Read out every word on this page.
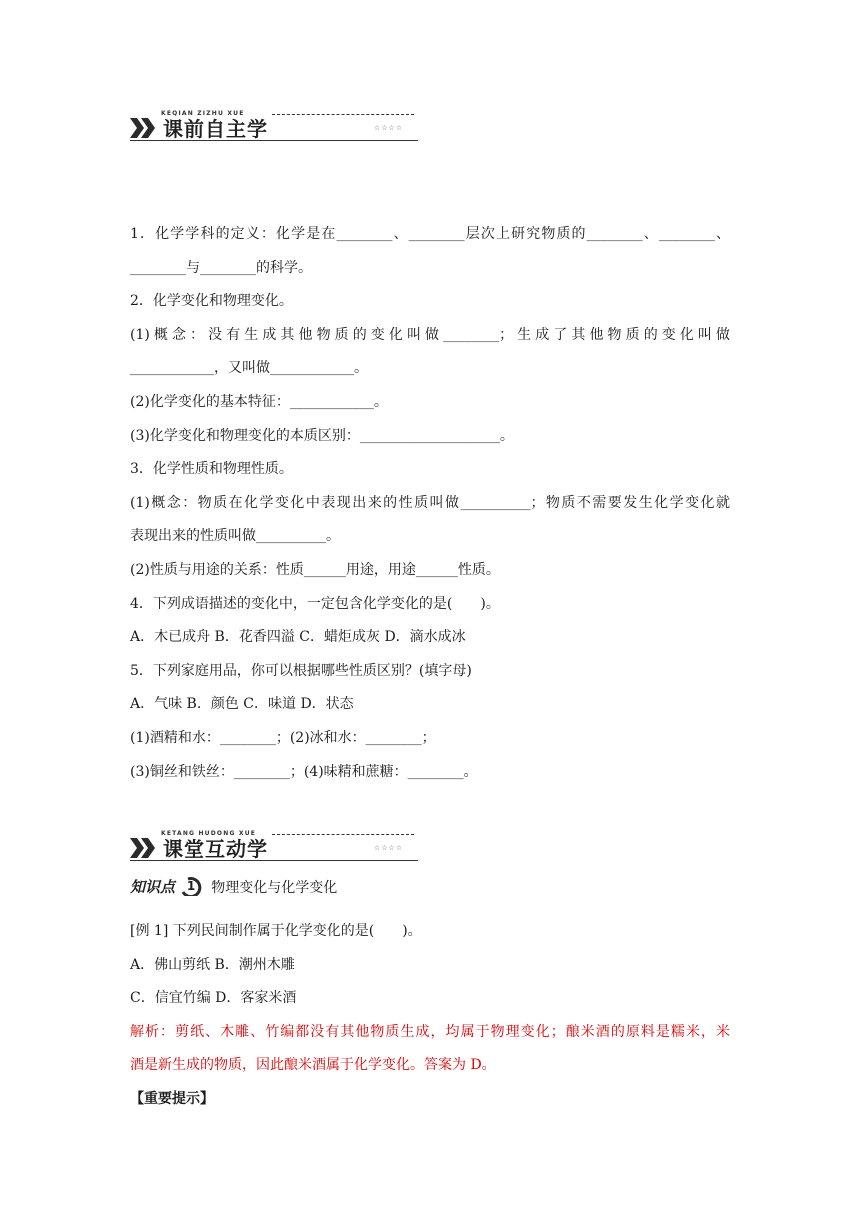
KEQIAN ZIZHU XUE
课前自主学	☆☆☆☆

1．化学学科的定义：化学是在________、________层次上研究物质的________、________、

________与________的科学。

2．化学变化和物理变化。

(1)概念：没有生成其他物质的变化叫做________；生成了其他物质的变化叫做

____________，又叫做____________。

(2)化学变化的基本特征：____________。

(3)化学变化和物理变化的本质区别：____________________。

3．化学性质和物理性质。

(1)概念：物质在化学变化中表现出来的性质叫做__________；物质不需要发生化学变化就

表现出来的性质叫做__________。

(2)性质与用途的关系：性质______用途，用途______性质。

4．下列成语描述的变化中，一定包含化学变化的是(　　)。

A．木已成舟 B．花香四溢 C．蜡炬成灰 D．滴水成冰

5．下列家庭用品，你可以根据哪些性质区别？(填字母)

A．气味 B．颜色 C．味道 D．状态

(1)酒精和水：________；(2)冰和水：________；

(3)铜丝和铁丝：________；(4)味精和蔗糖：________。

KETANG HUDONG XUE
课堂互动学	☆☆☆☆
知识点 1 物理变化与化学变化

[例 1] 下列民间制作属于化学变化的是(　　)。

A．佛山剪纸 B．潮州木雕

C．信宜竹编 D．客家米酒

解析：剪纸、木雕、竹编都没有其他物质生成，均属于物理变化；酿米酒的原料是糯米，米

酒是新生成的物质，因此酿米酒属于化学变化。答案为 D。

【重要提示】
